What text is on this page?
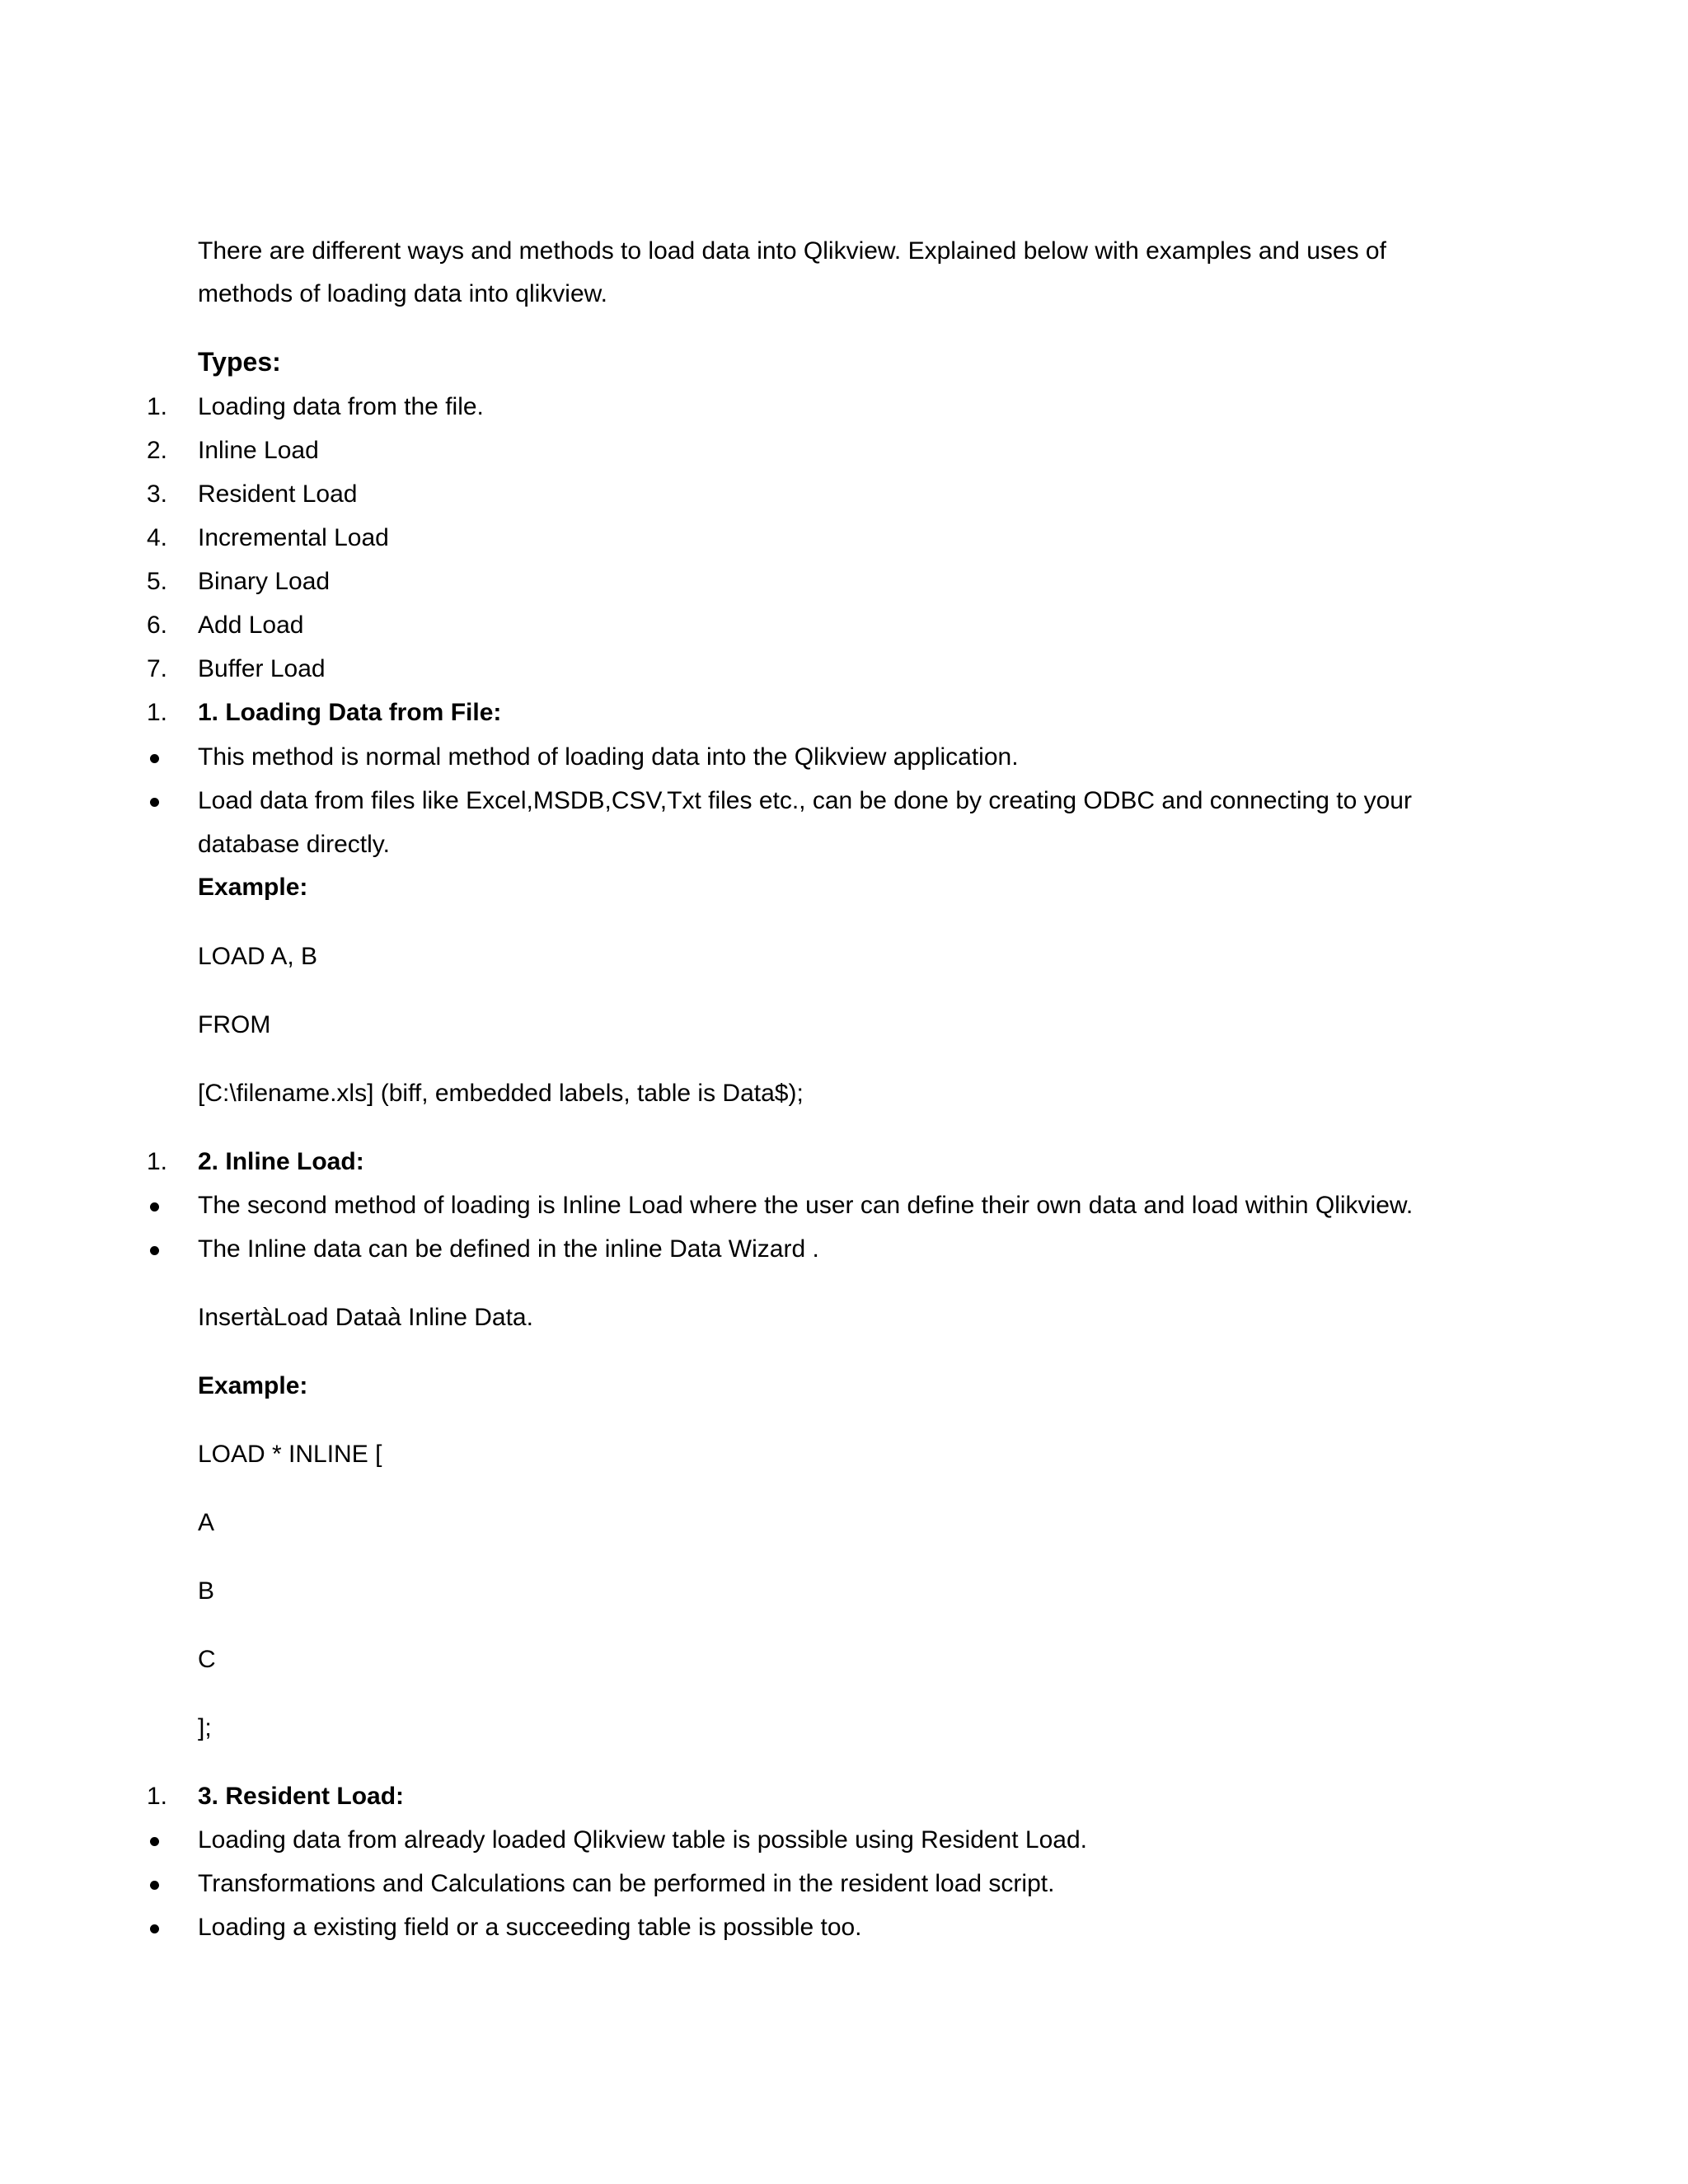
There are different ways and methods to load data into Qlikview. Explained below with examples and uses of
methods of loading data into qlikview.
Types:
1. Loading data from the file.
2. Inline Load
3. Resident Load
4. Incremental Load
5. Binary Load
6. Add Load
7. Buffer Load
1. 1. Loading Data from File:
This method is normal method of loading data into the Qlikview application.
Load data from files like Excel,MSDB,CSV,Txt files etc., can be done by creating ODBC and connecting to your
database directly.
Example:
LOAD A, B
FROM
[C:\filename.xls] (biff, embedded labels, table is Data$);
1. 2. Inline Load:
The second method of loading is Inline Load where the user can define their own data and load within Qlikview.
The Inline data can be defined in the inline Data Wizard .
InsertàLoad Dataà Inline Data.
Example:
LOAD * INLINE [
A
B
C
];
1. 3. Resident Load:
Loading data from already loaded Qlikview table is possible using Resident Load.
Transformations and Calculations can be performed in the resident load script.
Loading a existing field or a succeeding table is possible too.
